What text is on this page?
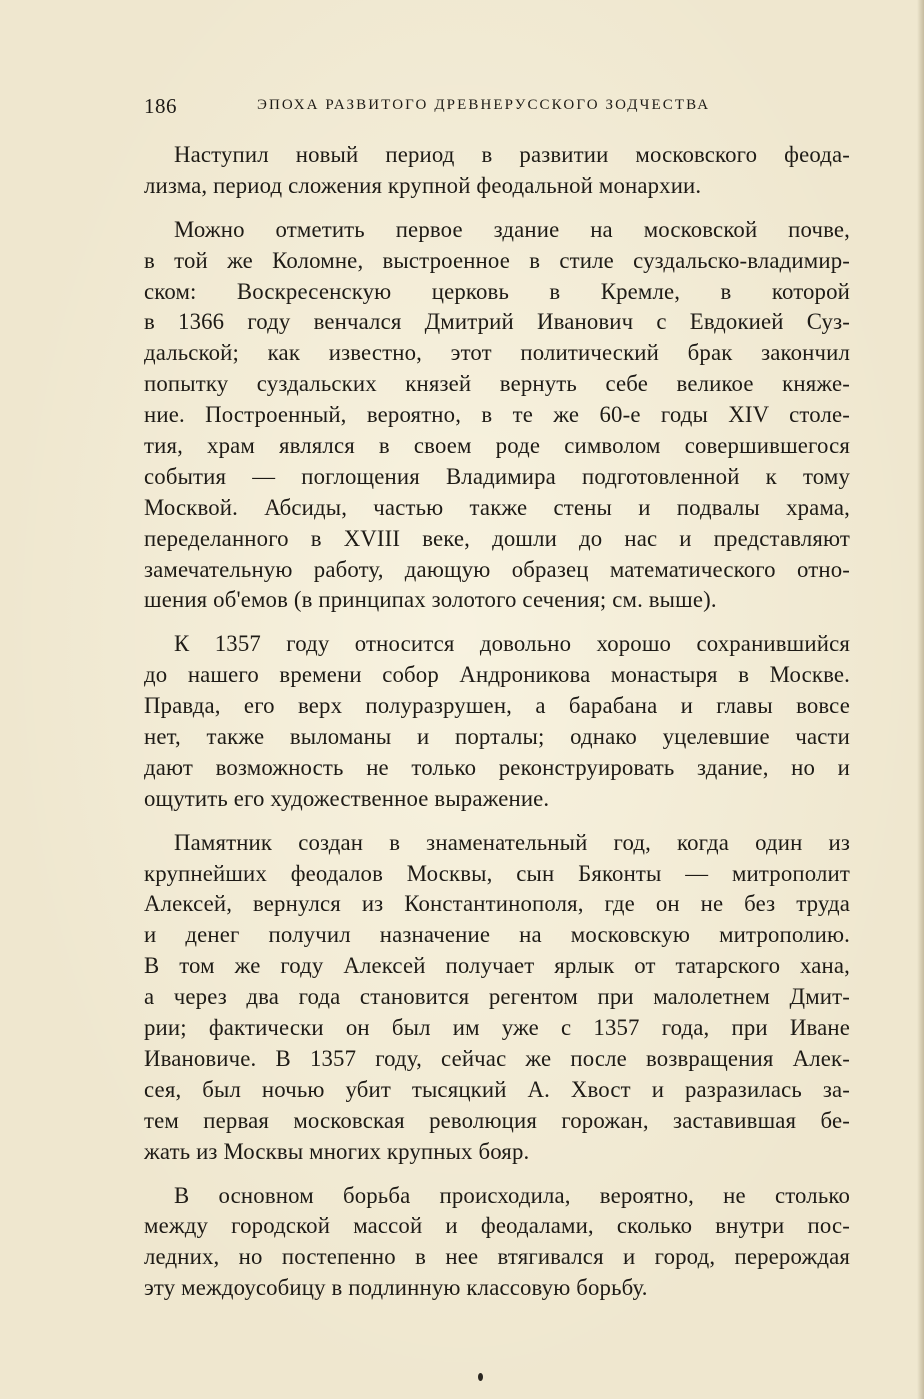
186	ЭПОХА РАЗВИТОГО ДРЕВНЕРУССКОГО ЗОДЧЕСТВА
Наступил новый период в развитии московского феода-
лизма, период сложения крупной феодальной монархии.
Можно отметить первое здание на московской почве,
в той же Коломне, выстроенное в стиле суздальско-владимир-
ском: Воскресенскую церковь в Кремле, в которой
в 1366 году венчался Дмитрий Иванович с Евдокией Суз-
дальской; как известно, этот политический брак закончил
попытку суздальских князей вернуть себе великое княже-
ние. Построенный, вероятно, в те же 60-е годы XIV столе-
тия, храм являлся в своем роде символом совершившегося
события — поглощения Владимира подготовленной к тому
Москвой. Абсиды, частью также стены и подвалы храма,
переделанного в XVIII веке, дошли до нас и представляют
замечательную работу, дающую образец математического отно-
шения об'емов (в принципах золотого сечения; см. выше).
К 1357 году относится довольно хорошо сохранившийся
до нашего времени собор Андроникова монастыря в Москве.
Правда, его верх полуразрушен, а барабана и главы вовсе
нет, также выломаны и порталы; однако уцелевшие части
дают возможность не только реконструировать здание, но и
ощутить его художественное выражение.
Памятник создан в знаменательный год, когда один из
крупнейших феодалов Москвы, сын Бяконты — митрополит
Алексей, вернулся из Константинополя, где он не без труда
и денег получил назначение на московскую митрополию.
В том же году Алексей получает ярлык от татарского хана,
а через два года становится регентом при малолетнем Дмит-
рии; фактически он был им уже с 1357 года, при Иване
Ивановиче. В 1357 году, сейчас же после возвращения Алек-
сея, был ночью убит тысяцкий А. Хвост и разразилась за-
тем первая московская революция горожан, заставившая бе-
жать из Москвы многих крупных бояр.
В основном борьба происходила, вероятно, не столько
между городской массой и феодалами, сколько внутри пос-
ледних, но постепенно в нее втягивался и город, перерождая
эту междоусобицу в подлинную классовую борьбу.
